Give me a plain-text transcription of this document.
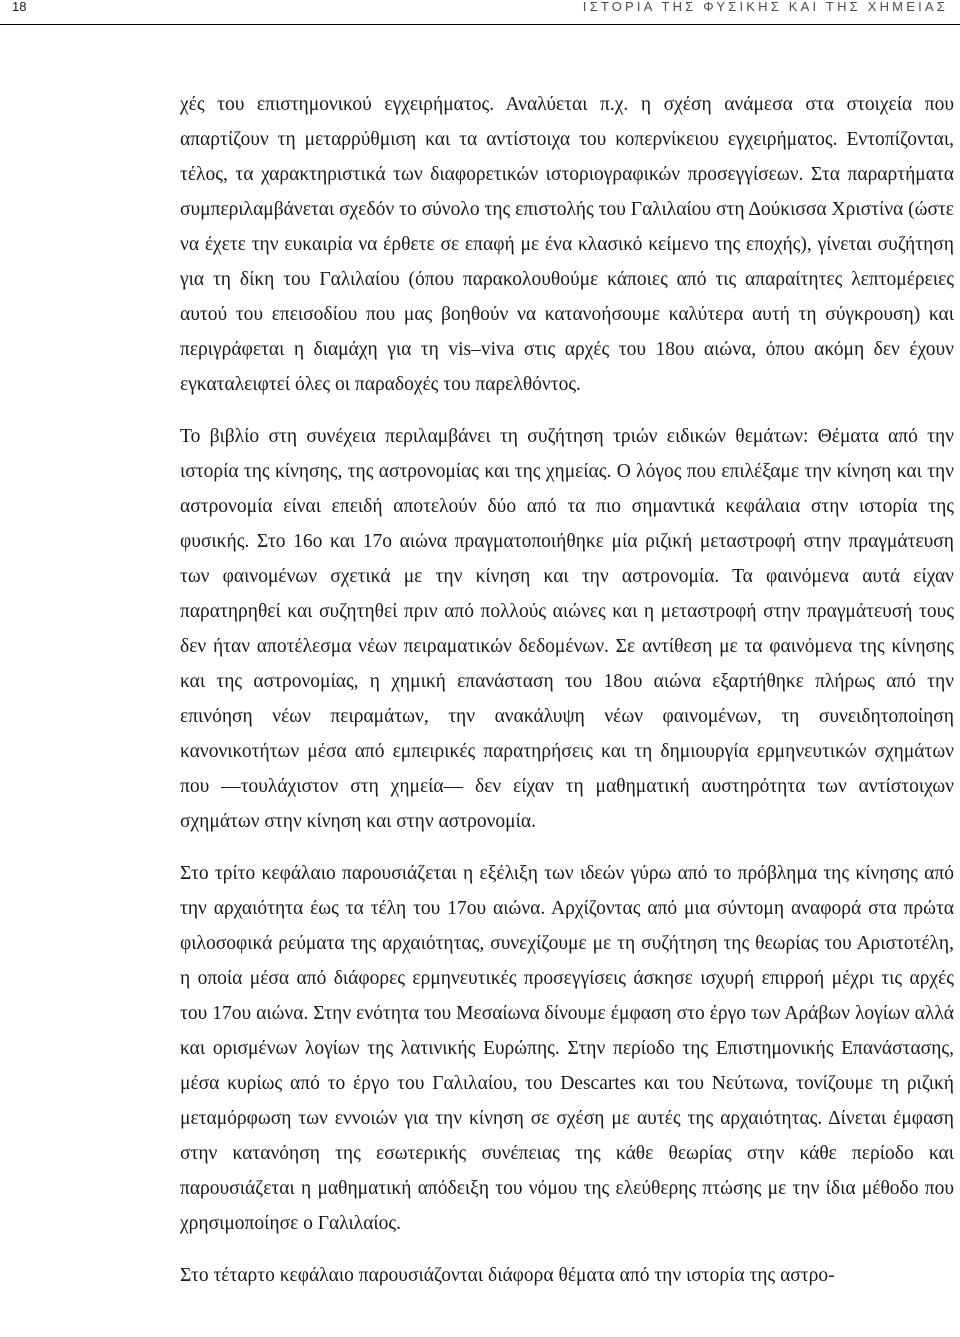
18	ΙΣΤΟΡΙΑ ΤΗΣ ΦΥΣΙΚΗΣ ΚΑΙ ΤΗΣ ΧΗΜΕΙΑΣ

χές του επιστημονικού εγχειρήματος. Αναλύεται π.χ. η σχέση ανάμεσα στα στοιχεία που απαρτίζουν τη μεταρρύθμιση και τα αντίστοιχα του κοπερνίκειου εγχειρήματος. Εντοπίζονται, τέλος, τα χαρακτηριστικά των διαφορετικών ιστοριογραφικών προσεγγίσεων. Στα παραρτήματα συμπεριλαμβάνεται σχεδόν το σύνολο της επιστολής του Γαλιλαίου στη Δούκισσα Χριστίνα (ώστε να έχετε την ευκαιρία να έρθετε σε επαφή με ένα κλασικό κείμενο της εποχής), γίνεται συζήτηση για τη δίκη του Γαλιλαίου (όπου παρακολουθούμε κάποιες από τις απαραίτητες λεπτομέρειες αυτού του επεισοδίου που μας βοηθούν να κατανοήσουμε καλύτερα αυτή τη σύγκρουση) και περιγράφεται η διαμάχη για τη vis–viva στις αρχές του 18ου αιώνα, όπου ακόμη δεν έχουν εγκαταλειφτεί όλες οι παραδοχές του παρελθόντος.

Το βιβλίο στη συνέχεια περιλαμβάνει τη συζήτηση τριών ειδικών θεμάτων: Θέματα από την ιστορία της κίνησης, της αστρονομίας και της χημείας. Ο λόγος που επιλέξαμε την κίνηση και την αστρονομία είναι επειδή αποτελούν δύο από τα πιο σημαντικά κεφάλαια στην ιστορία της φυσικής. Στο 16ο και 17ο αιώνα πραγματοποιήθηκε μία ριζική μεταστροφή στην πραγμάτευση των φαινομένων σχετικά με την κίνηση και την αστρονομία. Τα φαινόμενα αυτά είχαν παρατηρηθεί και συζητηθεί πριν από πολλούς αιώνες και η μεταστροφή στην πραγμάτευσή τους δεν ήταν αποτέλεσμα νέων πειραματικών δεδομένων. Σε αντίθεση με τα φαινόμενα της κίνησης και της αστρονομίας, η χημική επανάσταση του 18ου αιώνα εξαρτήθηκε πλήρως από την επινόηση νέων πειραμάτων, την ανακάλυψη νέων φαινομένων, τη συνειδητοποίηση κανονικοτήτων μέσα από εμπειρικές παρατηρήσεις και τη δημιουργία ερμηνευτικών σχημάτων που —τουλάχιστον στη χημεία— δεν είχαν τη μαθηματική αυστηρότητα των αντίστοιχων σχημάτων στην κίνηση και στην αστρονομία.

Στο τρίτο κεφάλαιο παρουσιάζεται η εξέλιξη των ιδεών γύρω από το πρόβλημα της κίνησης από την αρχαιότητα έως τα τέλη του 17ου αιώνα. Αρχίζοντας από μια σύντομη αναφορά στα πρώτα φιλοσοφικά ρεύματα της αρχαιότητας, συνεχίζουμε με τη συζήτηση της θεωρίας του Αριστοτέλη, η οποία μέσα από διάφορες ερμηνευτικές προσεγγίσεις άσκησε ισχυρή επιρροή μέχρι τις αρχές του 17ου αιώνα. Στην ενότητα του Μεσαίωνα δίνουμε έμφαση στο έργο των Αράβων λογίων αλλά και ορισμένων λογίων της λατινικής Ευρώπης. Στην περίοδο της Επιστημονικής Επανάστασης, μέσα κυρίως από το έργο του Γαλιλαίου, του Descartes και του Νεύτωνα, τονίζουμε τη ριζική μεταμόρφωση των εννοιών για την κίνηση σε σχέση με αυτές της αρχαιότητας. Δίνεται έμφαση στην κατανόηση της εσωτερικής συνέπειας της κάθε θεωρίας στην κάθε περίοδο και παρουσιάζεται η μαθηματική απόδειξη του νόμου της ελεύθερης πτώσης με την ίδια μέθοδο που χρησιμοποίησε ο Γαλιλαίος.

Στο τέταρτο κεφάλαιο παρουσιάζονται διάφορα θέματα από την ιστορία της αστρο-
